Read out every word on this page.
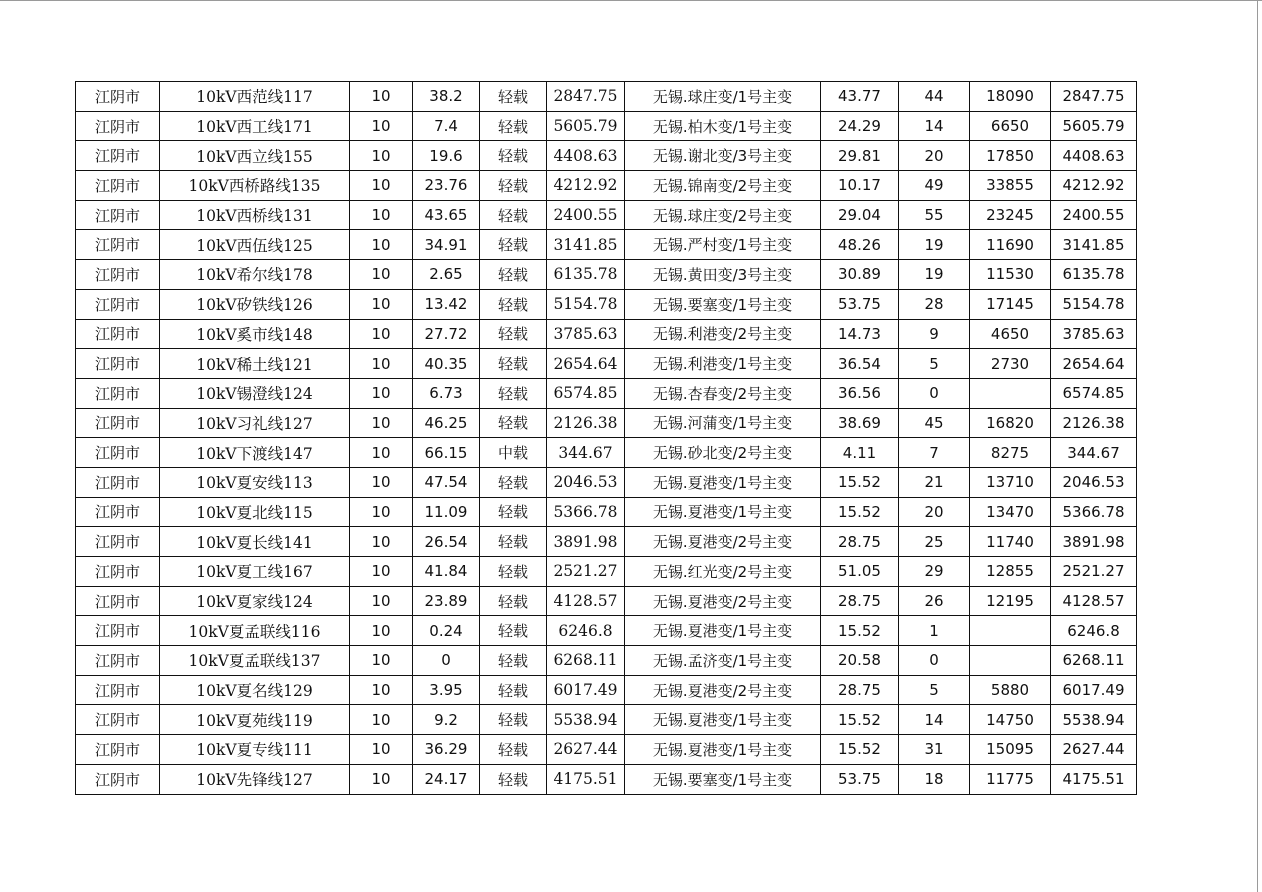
江阴市	10kV西范线117	10	38.2	轻载	2847.75	无锡.球庄变/1号主变	43.77	44	18090	2847.75
江阴市	10kV西工线171	10	7.4	轻载	5605.79	无锡.柏木变/1号主变	24.29	14	6650	5605.79
江阴市	10kV西立线155	10	19.6	轻载	4408.63	无锡.谢北变/3号主变	29.81	20	17850	4408.63
江阴市	10kV西桥路线135	10	23.76	轻载	4212.92	无锡.锦南变/2号主变	10.17	49	33855	4212.92
江阴市	10kV西桥线131	10	43.65	轻载	2400.55	无锡.球庄变/2号主变	29.04	55	23245	2400.55
江阴市	10kV西伍线125	10	34.91	轻载	3141.85	无锡.严村变/1号主变	48.26	19	11690	3141.85
江阴市	10kV希尔线178	10	2.65	轻载	6135.78	无锡.黄田变/3号主变	30.89	19	11530	6135.78
江阴市	10kV矽铁线126	10	13.42	轻载	5154.78	无锡.要塞变/1号主变	53.75	28	17145	5154.78
江阴市	10kV奚市线148	10	27.72	轻载	3785.63	无锡.利港变/2号主变	14.73	9	4650	3785.63
江阴市	10kV稀土线121	10	40.35	轻载	2654.64	无锡.利港变/1号主变	36.54	5	2730	2654.64
江阴市	10kV锡澄线124	10	6.73	轻载	6574.85	无锡.杏春变/2号主变	36.56	0		6574.85
江阴市	10kV习礼线127	10	46.25	轻载	2126.38	无锡.河蒲变/1号主变	38.69	45	16820	2126.38
江阴市	10kV下渡线147	10	66.15	中载	344.67	无锡.砂北变/2号主变	4.11	7	8275	344.67
江阴市	10kV夏安线113	10	47.54	轻载	2046.53	无锡.夏港变/1号主变	15.52	21	13710	2046.53
江阴市	10kV夏北线115	10	11.09	轻载	5366.78	无锡.夏港变/1号主变	15.52	20	13470	5366.78
江阴市	10kV夏长线141	10	26.54	轻载	3891.98	无锡.夏港变/2号主变	28.75	25	11740	3891.98
江阴市	10kV夏工线167	10	41.84	轻载	2521.27	无锡.红光变/2号主变	51.05	29	12855	2521.27
江阴市	10kV夏家线124	10	23.89	轻载	4128.57	无锡.夏港变/2号主变	28.75	26	12195	4128.57
江阴市	10kV夏孟联线116	10	0.24	轻载	6246.8	无锡.夏港变/1号主变	15.52	1		6246.8
江阴市	10kV夏孟联线137	10	0	轻载	6268.11	无锡.孟济变/1号主变	20.58	0		6268.11
江阴市	10kV夏名线129	10	3.95	轻载	6017.49	无锡.夏港变/2号主变	28.75	5	5880	6017.49
江阴市	10kV夏苑线119	10	9.2	轻载	5538.94	无锡.夏港变/1号主变	15.52	14	14750	5538.94
江阴市	10kV夏专线111	10	36.29	轻载	2627.44	无锡.夏港变/1号主变	15.52	31	15095	2627.44
江阴市	10kV先锋线127	10	24.17	轻载	4175.51	无锡.要塞变/1号主变	53.75	18	11775	4175.51
